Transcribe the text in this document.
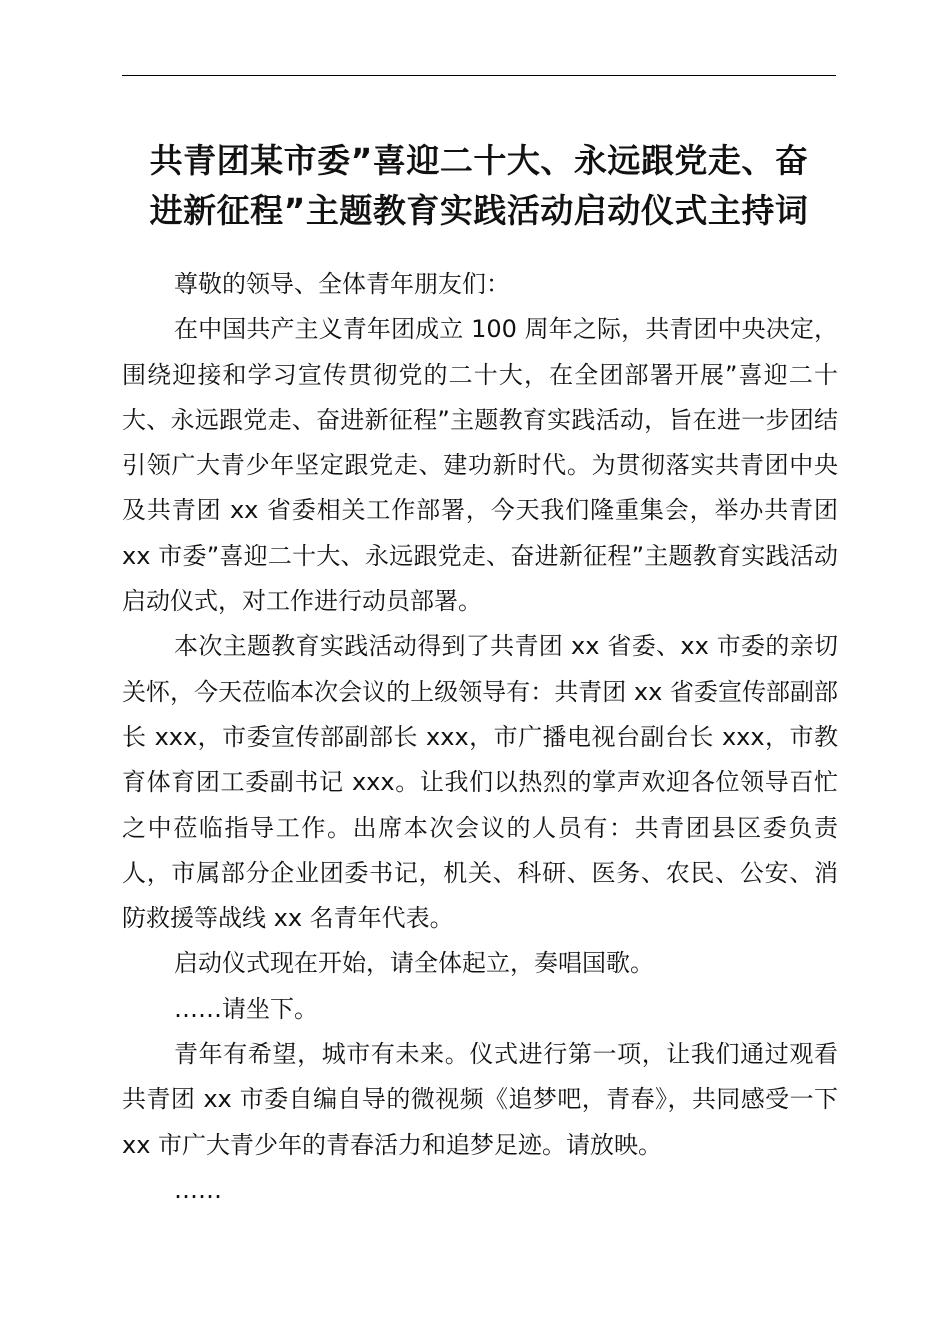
共青团某市委”喜迎二十大、永远跟党走、奋
进新征程”主题教育实践活动启动仪式主持词

尊敬的领导、全体青年朋友们：

在中国共产主义青年团成立 100 周年之际，共青团中央决定，围绕迎接和学习宣传贯彻党的二十大，在全团部署开展”喜迎二十大、永远跟党走、奋进新征程”主题教育实践活动，旨在进一步团结引领广大青少年坚定跟党走、建功新时代。为贯彻落实共青团中央及共青团 xx 省委相关工作部署，今天我们隆重集会，举办共青团 xx 市委”喜迎二十大、永远跟党走、奋进新征程”主题教育实践活动启动仪式，对工作进行动员部署。

本次主题教育实践活动得到了共青团 xx 省委、xx 市委的亲切关怀，今天莅临本次会议的上级领导有：共青团 xx 省委宣传部副部长 xxx，市委宣传部副部长 xxx，市广播电视台副台长 xxx，市教育体育团工委副书记 xxx。让我们以热烈的掌声欢迎各位领导百忙之中莅临指导工作。出席本次会议的人员有：共青团县区委负责人，市属部分企业团委书记，机关、科研、医务、农民、公安、消防救援等战线 xx 名青年代表。

启动仪式现在开始，请全体起立，奏唱国歌。

……请坐下。

青年有希望，城市有未来。仪式进行第一项，让我们通过观看共青团 xx 市委自编自导的微视频《追梦吧，青春》，共同感受一下 xx 市广大青少年的青春活力和追梦足迹。请放映。

……
